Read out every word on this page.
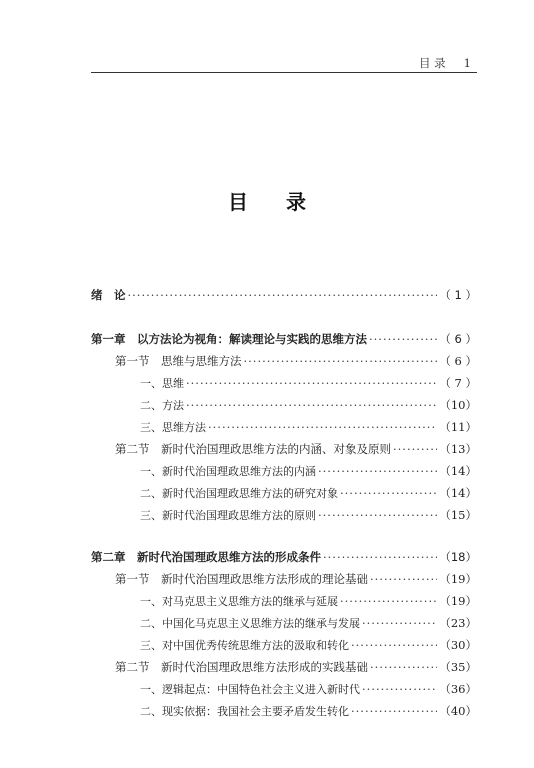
目 录 1
目录
绪　论 ·····	（ 1 ）
第一章　以方法论为视角：解读理论与实践的思维方法 ·····	（ 6 ）
第一节　思维与思维方法 ·····	（ 6 ）
一、思维 ·····	（ 7 ）
二、方法 ·····	（10）
三、思维方法 ·····	（11）
第二节　新时代治国理政思维方法的内涵、对象及原则 ·····	（13）
一、新时代治国理政思维方法的内涵 ·····	（14）
二、新时代治国理政思维方法的研究对象 ·····	（14）
三、新时代治国理政思维方法的原则 ·····	（15）
第二章　新时代治国理政思维方法的形成条件 ·····	（18）
第一节　新时代治国理政思维方法形成的理论基础 ·····	（19）
一、对马克思主义思维方法的继承与延展 ·····	（19）
二、中国化马克思主义思维方法的继承与发展 ·····	（23）
三、对中国优秀传统思维方法的汲取和转化 ·····	（30）
第二节　新时代治国理政思维方法形成的实践基础 ·····	（35）
一、逻辑起点：中国特色社会主义进入新时代 ·····	（36）
二、现实依据：我国社会主要矛盾发生转化 ·····	（40）
